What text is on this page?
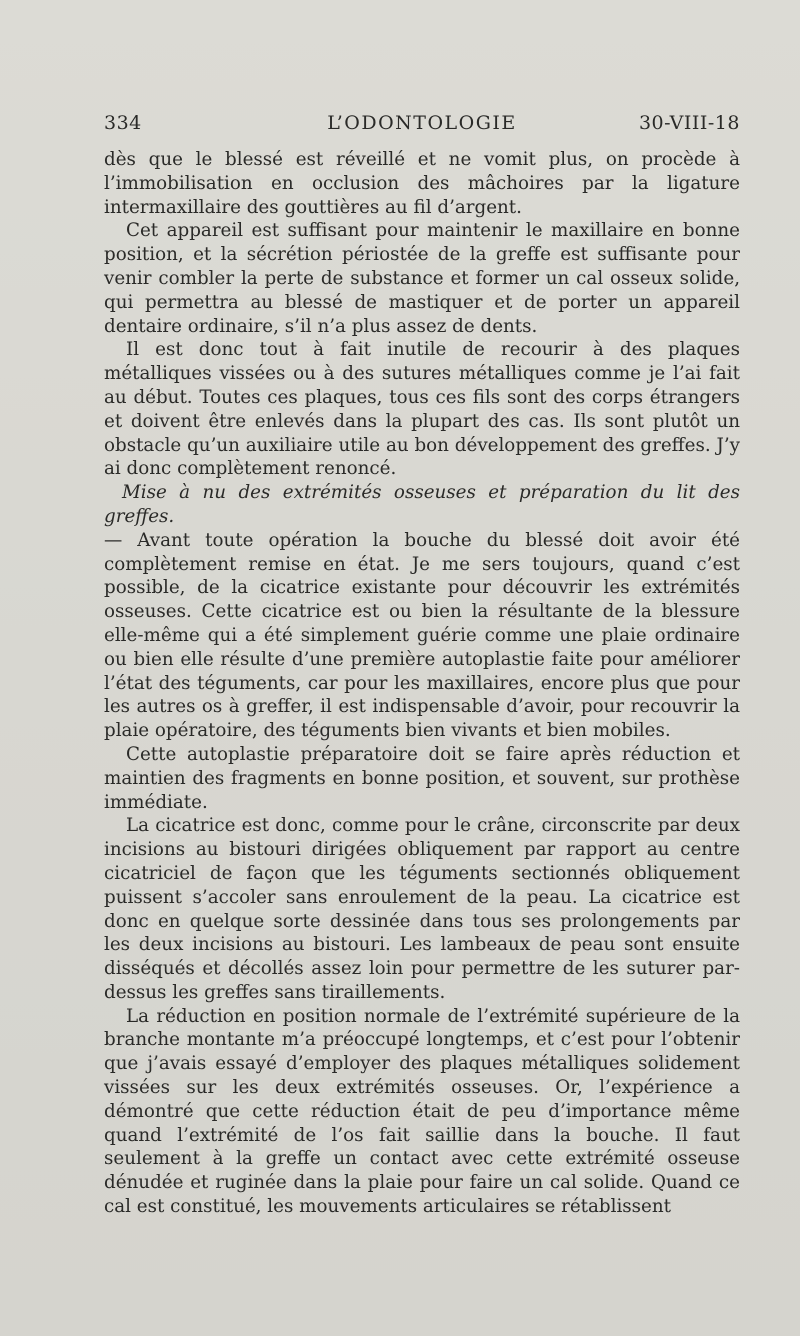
334	L’ODONTOLOGIE	30-VIII-18

dès que le blessé est réveillé et ne vomit plus, on procède à l’immobilisation en occlusion des mâchoires par la ligature intermaxillaire des gouttières au fil d’argent.

Cet appareil est suffisant pour maintenir le maxillaire en bonne position, et la sécrétion périostée de la greffe est suffisante pour venir combler la perte de substance et former un cal osseux solide, qui permettra au blessé de mastiquer et de porter un appareil dentaire ordinaire, s’il n’a plus assez de dents.

Il est donc tout à fait inutile de recourir à des plaques métalliques vissées ou à des sutures métalliques comme je l’ai fait au début. Toutes ces plaques, tous ces fils sont des corps étrangers et doivent être enlevés dans la plupart des cas. Ils sont plutôt un obstacle qu’un auxiliaire utile au bon développement des greffes. J’y ai donc complètement renoncé.

Mise à nu des extrémités osseuses et préparation du lit des greffes.
— Avant toute opération la bouche du blessé doit avoir été complètement remise en état. Je me sers toujours, quand c’est possible, de la cicatrice existante pour découvrir les extrémités osseuses. Cette cicatrice est ou bien la résultante de la blessure elle-même qui a été simplement guérie comme une plaie ordinaire ou bien elle résulte d’une première autoplastie faite pour améliorer l’état des téguments, car pour les maxillaires, encore plus que pour les autres os à greffer, il est indispensable d’avoir, pour recouvrir la plaie opératoire, des téguments bien vivants et bien mobiles.

Cette autoplastie préparatoire doit se faire après réduction et maintien des fragments en bonne position, et souvent, sur prothèse immédiate.

La cicatrice est donc, comme pour le crâne, circonscrite par deux incisions au bistouri dirigées obliquement par rapport au centre cicatriciel de façon que les téguments sectionnés obliquement puissent s’accoler sans enroulement de la peau. La cicatrice est donc en quelque sorte dessinée dans tous ses prolongements par les deux incisions au bistouri. Les lambeaux de peau sont ensuite disséqués et décollés assez loin pour permettre de les suturer par-dessus les greffes sans tiraillements.

La réduction en position normale de l’extrémité supérieure de la branche montante m’a préoccupé longtemps, et c’est pour l’obtenir que j’avais essayé d’employer des plaques métalliques solidement vissées sur les deux extrémités osseuses. Or, l’expérience a démontré que cette réduction était de peu d’importance même quand l’extrémité de l’os fait saillie dans la bouche. Il faut seulement à la greffe un contact avec cette extrémité osseuse dénudée et ruginée dans la plaie pour faire un cal solide. Quand ce cal est constitué, les mouvements articulaires se rétablissent
